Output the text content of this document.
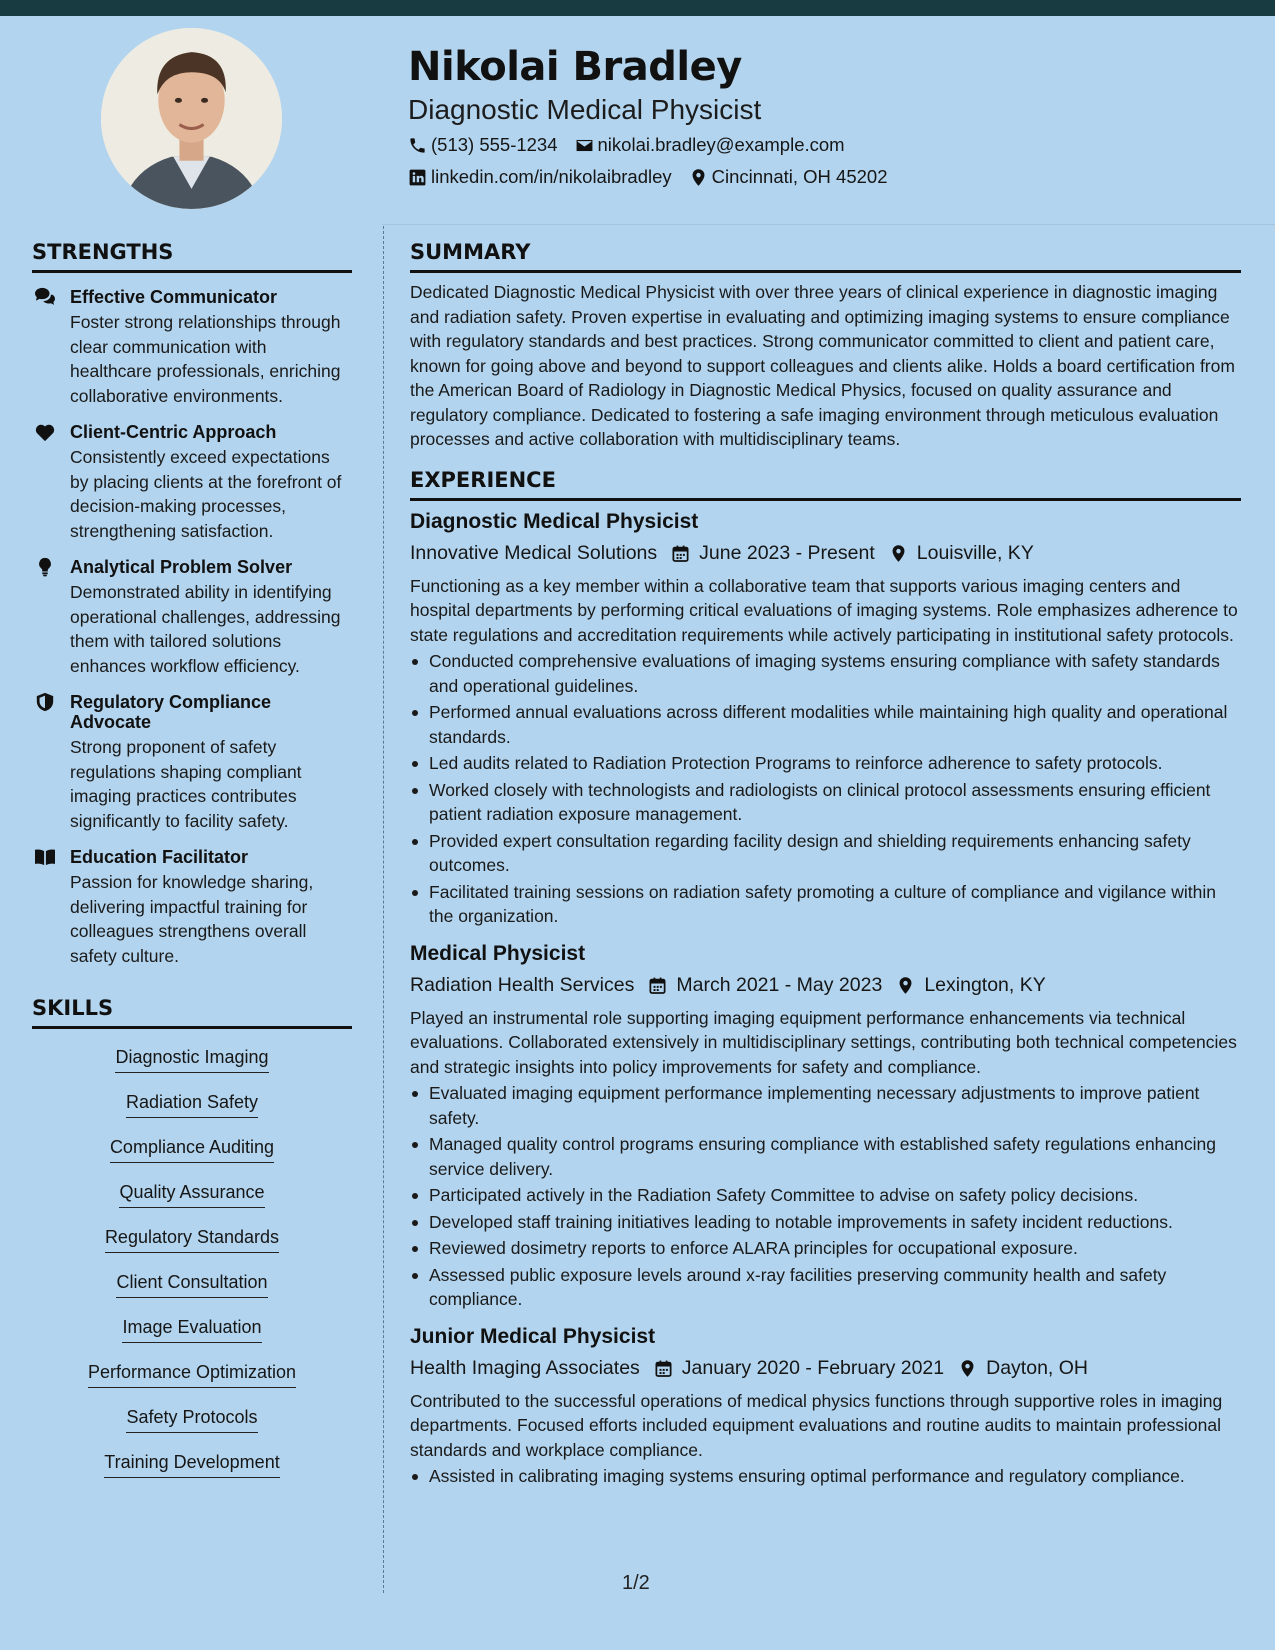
Nikolai Bradley
Diagnostic Medical Physicist
(513) 555-1234 nikolai.bradley@example.com
linkedin.com/in/nikolaibradley Cincinnati, OH 45202
STRENGTHS
Effective Communicator
Foster strong relationships through clear communication with healthcare professionals, enriching collaborative environments.
Client-Centric Approach
Consistently exceed expectations by placing clients at the forefront of decision-making processes, strengthening satisfaction.
Analytical Problem Solver
Demonstrated ability in identifying operational challenges, addressing them with tailored solutions enhances workflow efficiency.
Regulatory Compliance Advocate
Strong proponent of safety regulations shaping compliant imaging practices contributes significantly to facility safety.
Education Facilitator
Passion for knowledge sharing, delivering impactful training for colleagues strengthens overall safety culture.
SKILLS
Diagnostic Imaging
Radiation Safety
Compliance Auditing
Quality Assurance
Regulatory Standards
Client Consultation
Image Evaluation
Performance Optimization
Safety Protocols
Training Development
SUMMARY
Dedicated Diagnostic Medical Physicist with over three years of clinical experience in diagnostic imaging and radiation safety. Proven expertise in evaluating and optimizing imaging systems to ensure compliance with regulatory standards and best practices. Strong communicator committed to client and patient care, known for going above and beyond to support colleagues and clients alike. Holds a board certification from the American Board of Radiology in Diagnostic Medical Physics, focused on quality assurance and regulatory compliance. Dedicated to fostering a safe imaging environment through meticulous evaluation processes and active collaboration with multidisciplinary teams.
EXPERIENCE
Diagnostic Medical Physicist
Innovative Medical Solutions June 2023 - Present Louisville, KY
Functioning as a key member within a collaborative team that supports various imaging centers and hospital departments by performing critical evaluations of imaging systems. Role emphasizes adherence to state regulations and accreditation requirements while actively participating in institutional safety protocols.
Conducted comprehensive evaluations of imaging systems ensuring compliance with safety standards and operational guidelines.
Performed annual evaluations across different modalities while maintaining high quality and operational standards.
Led audits related to Radiation Protection Programs to reinforce adherence to safety protocols.
Worked closely with technologists and radiologists on clinical protocol assessments ensuring efficient patient radiation exposure management.
Provided expert consultation regarding facility design and shielding requirements enhancing safety outcomes.
Facilitated training sessions on radiation safety promoting a culture of compliance and vigilance within the organization.
Medical Physicist
Radiation Health Services March 2021 - May 2023 Lexington, KY
Played an instrumental role supporting imaging equipment performance enhancements via technical evaluations. Collaborated extensively in multidisciplinary settings, contributing both technical competencies and strategic insights into policy improvements for safety and compliance.
Evaluated imaging equipment performance implementing necessary adjustments to improve patient safety.
Managed quality control programs ensuring compliance with established safety regulations enhancing service delivery.
Participated actively in the Radiation Safety Committee to advise on safety policy decisions.
Developed staff training initiatives leading to notable improvements in safety incident reductions.
Reviewed dosimetry reports to enforce ALARA principles for occupational exposure.
Assessed public exposure levels around x-ray facilities preserving community health and safety compliance.
Junior Medical Physicist
Health Imaging Associates January 2020 - February 2021 Dayton, OH
Contributed to the successful operations of medical physics functions through supportive roles in imaging departments. Focused efforts included equipment evaluations and routine audits to maintain professional standards and workplace compliance.
Assisted in calibrating imaging systems ensuring optimal performance and regulatory compliance.
1/2
